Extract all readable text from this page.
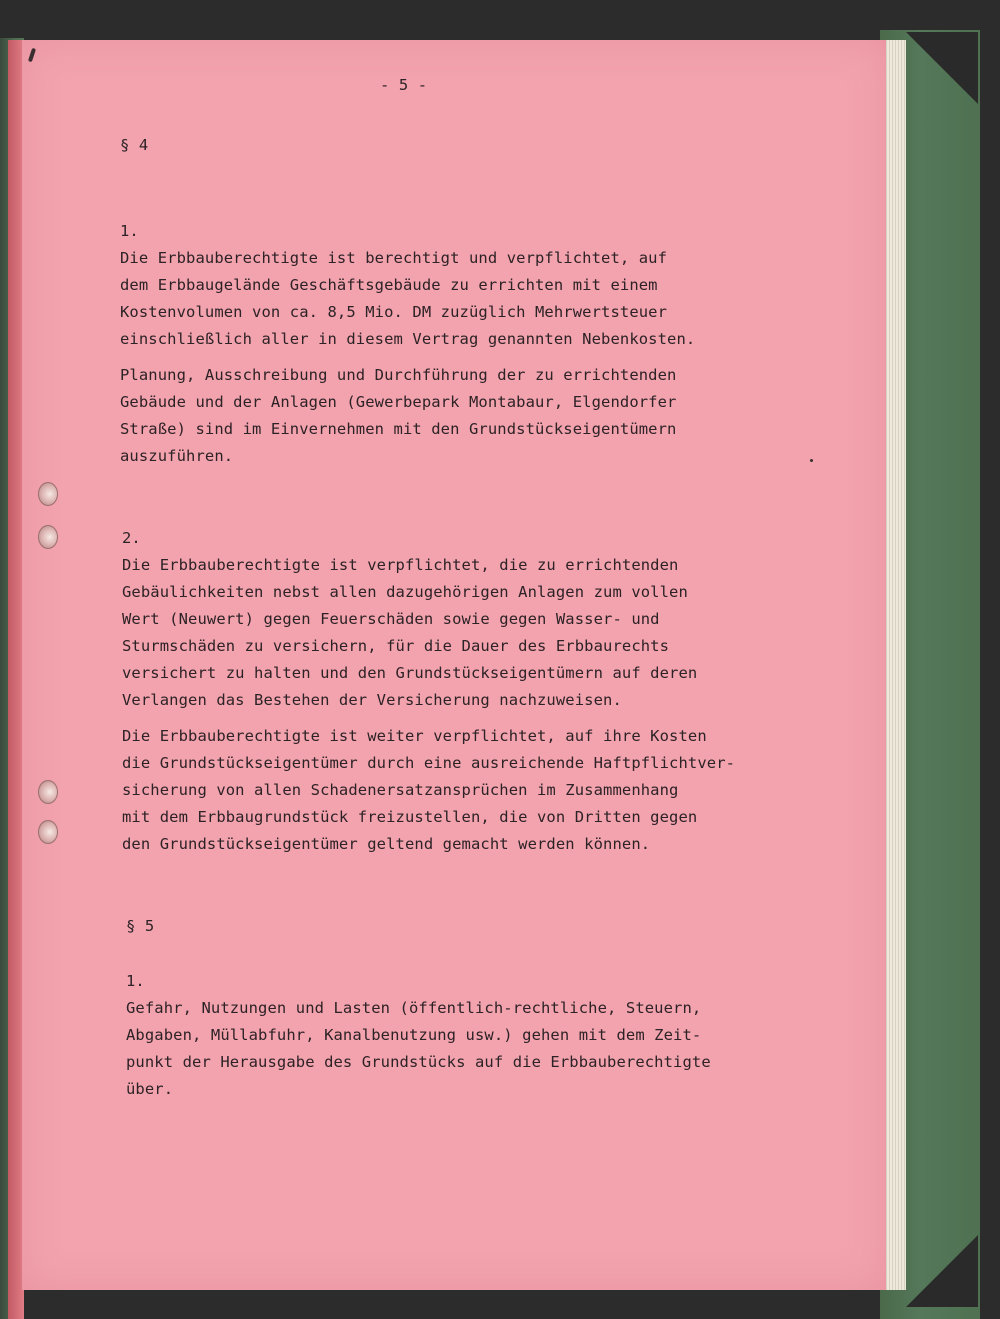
- 5 -
§ 4
1.
Die Erbbauberechtigte ist berechtigt und verpflichtet, auf
dem Erbbaugelände Geschäftsgebäude zu errichten mit einem
Kostenvolumen von ca. 8,5 Mio. DM zuzüglich Mehrwertsteuer
einschließlich aller in diesem Vertrag genannten Nebenkosten.
Planung, Ausschreibung und Durchführung der zu errichtenden
Gebäude und der Anlagen (Gewerbepark Montabaur, Elgendorfer
Straße) sind im Einvernehmen mit den Grundstückseigentümern
auszuführen.
2.
Die Erbbauberechtigte ist verpflichtet, die zu errichtenden
Gebäulichkeiten nebst allen dazugehörigen Anlagen zum vollen
Wert (Neuwert) gegen Feuerschäden sowie gegen Wasser- und
Sturmschäden zu versichern, für die Dauer des Erbbaurechts
versichert zu halten und den Grundstückseigentümern auf deren
Verlangen das Bestehen der Versicherung nachzuweisen.
Die Erbbauberechtigte ist weiter verpflichtet, auf ihre Kosten
die Grundstückseigentümer durch eine ausreichende Haftpflichtver-
sicherung von allen Schadenersatzansprüchen im Zusammenhang
mit dem Erbbaugrundstück freizustellen, die von Dritten gegen
den Grundstückseigentümer geltend gemacht werden können.
§ 5
1.
Gefahr, Nutzungen und Lasten (öffentlich-rechtliche, Steuern,
Abgaben, Müllabfuhr, Kanalbenutzung usw.) gehen mit dem Zeit-
punkt der Herausgabe des Grundstücks auf die Erbbauberechtigte
über.
